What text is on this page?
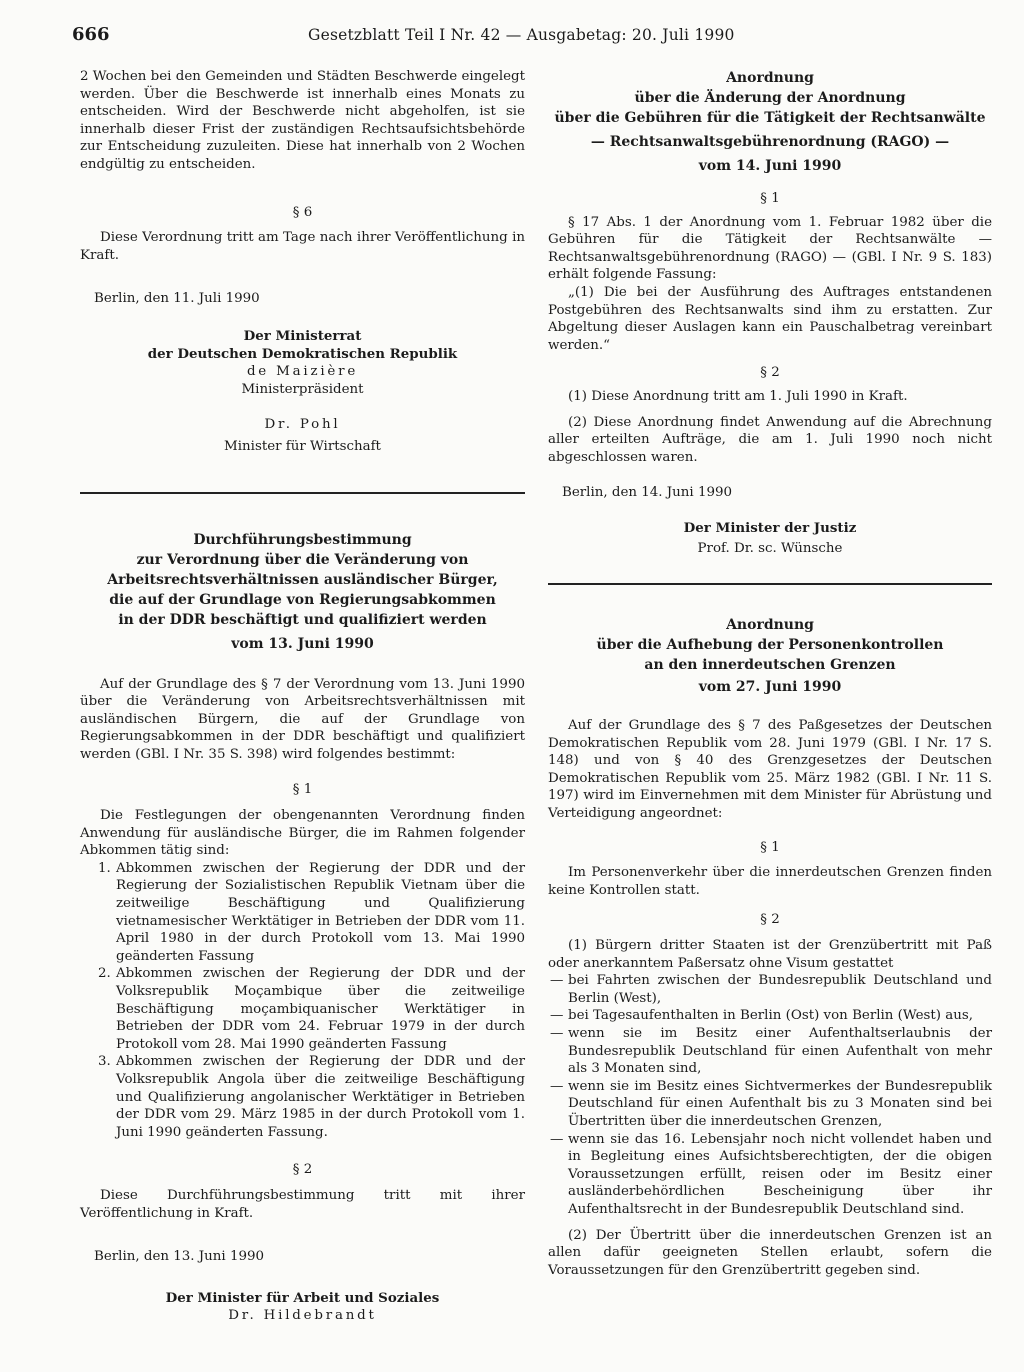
666	Gesetzblatt Teil I Nr. 42 — Ausgabetag: 20. Juli 1990

2 Wochen bei den Gemeinden und Städten Beschwerde eingelegt werden. Über die Beschwerde ist innerhalb eines Monats zu entscheiden. Wird der Beschwerde nicht abgeholfen, ist sie innerhalb dieser Frist der zuständigen Rechtsaufsichtsbehörde zur Entscheidung zuzuleiten. Diese hat innerhalb von 2 Wochen endgültig zu entscheiden.

§ 6

Diese Verordnung tritt am Tage nach ihrer Veröffentlichung in Kraft.

Berlin, den 11. Juli 1990

Der Ministerrat
der Deutschen Demokratischen Republik
de Maizière
Ministerpräsident
Dr. Pohl
Minister für Wirtschaft
Durchführungsbestimmung
zur Verordnung über die Veränderung von
Arbeitsrechtsverhältnissen ausländischer Bürger,
die auf der Grundlage von Regierungsabkommen
in der DDR beschäftigt und qualifiziert werden
vom 13. Juni 1990

Auf der Grundlage des § 7 der Verordnung vom 13. Juni 1990 über die Veränderung von Arbeitsrechtsverhältnissen mit ausländischen Bürgern, die auf der Grundlage von Regierungsabkommen in der DDR beschäftigt und qualifiziert werden (GBl. I Nr. 35 S. 398) wird folgendes bestimmt:

§ 1

Die Festlegungen der obengenannten Verordnung finden Anwendung für ausländische Bürger, die im Rahmen folgender Abkommen tätig sind:

1. Abkommen zwischen der Regierung der DDR und der Regierung der Sozialistischen Republik Vietnam über die zeitweilige Beschäftigung und Qualifizierung vietnamesischer Werktätiger in Betrieben der DDR vom 11. April 1980 in der durch Protokoll vom 13. Mai 1990 geänderten Fassung
2. Abkommen zwischen der Regierung der DDR und der Volksrepublik Moçambique über die zeitweilige Beschäftigung moçambiquanischer Werktätiger in Betrieben der DDR vom 24. Februar 1979 in der durch Protokoll vom 28. Mai 1990 geänderten Fassung
3. Abkommen zwischen der Regierung der DDR und der Volksrepublik Angola über die zeitweilige Beschäftigung und Qualifizierung angolanischer Werktätiger in Betrieben der DDR vom 29. März 1985 in der durch Protokoll vom 1. Juni 1990 geänderten Fassung.
§ 2

Diese Durchführungsbestimmung tritt mit ihrer Veröffentlichung in Kraft.

Berlin, den 13. Juni 1990

Der Minister für Arbeit und Soziales
Dr. Hildebrandt
Anordnung
über die Änderung der Anordnung
über die Gebühren für die Tätigkeit der Rechtsanwälte
— Rechtsanwaltsgebührenordnung (RAGO) —
vom 14. Juni 1990
§ 1

§ 17 Abs. 1 der Anordnung vom 1. Februar 1982 über die Gebühren für die Tätigkeit der Rechtsanwälte — Rechtsanwaltsgebührenordnung (RAGO) — (GBl. I Nr. 9 S. 183) erhält folgende Fassung:

„(1) Die bei der Ausführung des Auftrages entstandenen Postgebühren des Rechtsanwalts sind ihm zu erstatten. Zur Abgeltung dieser Auslagen kann ein Pauschalbetrag vereinbart werden.“

§ 2

(1) Diese Anordnung tritt am 1. Juli 1990 in Kraft.

(2) Diese Anordnung findet Anwendung auf die Abrechnung aller erteilten Aufträge, die am 1. Juli 1990 noch nicht abgeschlossen waren.

Berlin, den 14. Juni 1990

Der Minister der Justiz
Prof. Dr. sc. Wünsche
Anordnung
über die Aufhebung der Personenkontrollen
an den innerdeutschen Grenzen
vom 27. Juni 1990

Auf der Grundlage des § 7 des Paßgesetzes der Deutschen Demokratischen Republik vom 28. Juni 1979 (GBl. I Nr. 17 S. 148) und von § 40 des Grenzgesetzes der Deutschen Demokratischen Republik vom 25. März 1982 (GBl. I Nr. 11 S. 197) wird im Einvernehmen mit dem Minister für Abrüstung und Verteidigung angeordnet:

§ 1

Im Personenverkehr über die innerdeutschen Grenzen finden keine Kontrollen statt.

§ 2

(1) Bürgern dritter Staaten ist der Grenzübertritt mit Paß oder anerkanntem Paßersatz ohne Visum gestattet

— bei Fahrten zwischen der Bundesrepublik Deutschland und Berlin (West),
— bei Tagesaufenthalten in Berlin (Ost) von Berlin (West) aus,
— wenn sie im Besitz einer Aufenthaltserlaubnis der Bundesrepublik Deutschland für einen Aufenthalt von mehr als 3 Monaten sind,
— wenn sie im Besitz eines Sichtvermerkes der Bundesrepublik Deutschland für einen Aufenthalt bis zu 3 Monaten sind bei Übertritten über die innerdeutschen Grenzen,
— wenn sie das 16. Lebensjahr noch nicht vollendet haben und in Begleitung eines Aufsichtsberechtigten, der die obigen Voraussetzungen erfüllt, reisen oder im Besitz einer ausländerbehördlichen Bescheinigung über ihr Aufenthaltsrecht in der Bundesrepublik Deutschland sind.

(2) Der Übertritt über die innerdeutschen Grenzen ist an allen dafür geeigneten Stellen erlaubt, sofern die Voraussetzungen für den Grenzübertritt gegeben sind.
